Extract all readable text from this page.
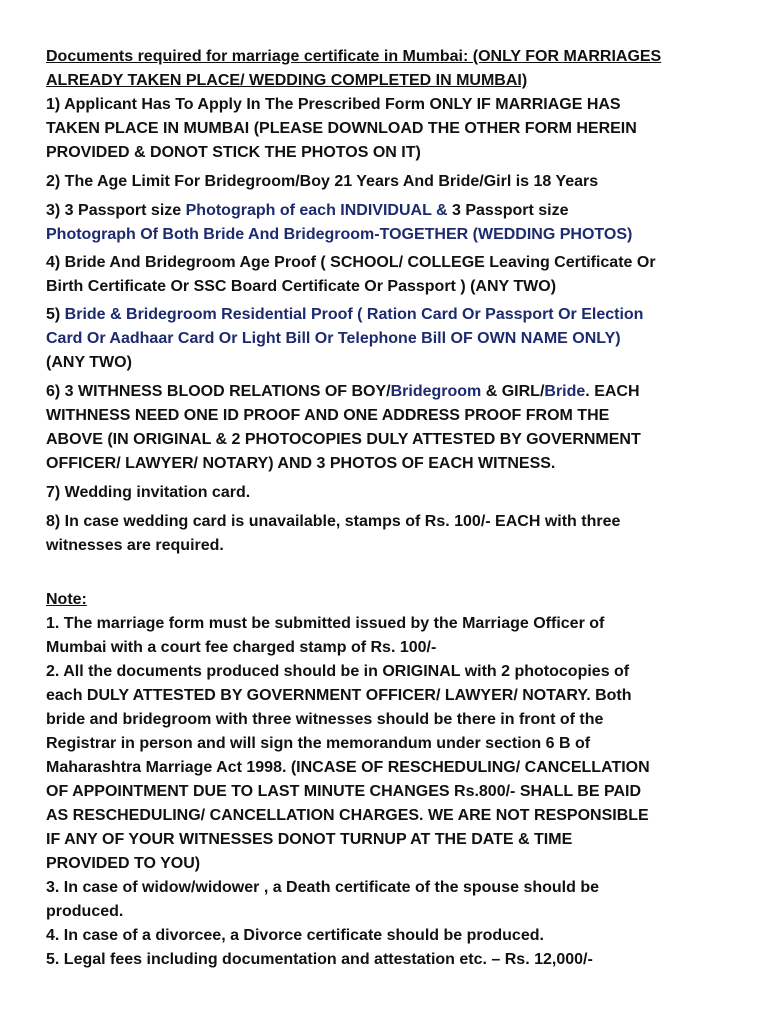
Documents required for marriage certificate in Mumbai: (ONLY FOR MARRIAGES
ALREADY TAKEN PLACE/ WEDDING COMPLETED IN MUMBAI)
1) Applicant Has To Apply In The Prescribed Form ONLY IF MARRIAGE HAS
TAKEN PLACE IN MUMBAI (PLEASE DOWNLOAD THE OTHER FORM HEREIN
PROVIDED & DONOT STICK THE PHOTOS ON IT)
2) The Age Limit For Bridegroom/Boy 21 Years And Bride/Girl is 18 Years
3) 3 Passport size Photograph of each INDIVIDUAL & 3 Passport size
Photograph Of Both Bride And Bridegroom-TOGETHER (WEDDING PHOTOS)
4) Bride And Bridegroom Age Proof ( SCHOOL/ COLLEGE Leaving Certificate Or
Birth Certificate Or SSC Board Certificate Or Passport ) (ANY TWO)
5) Bride & Bridegroom Residential Proof ( Ration Card Or Passport Or Election
Card Or Aadhaar Card Or Light Bill Or Telephone Bill OF OWN NAME ONLY)
(ANY TWO)
6) 3 WITHNESS BLOOD RELATIONS OF BOY/Bridegroom & GIRL/Bride. EACH
WITHNESS NEED ONE ID PROOF AND ONE ADDRESS PROOF FROM THE
ABOVE (IN ORIGINAL & 2 PHOTOCOPIES DULY ATTESTED BY GOVERNMENT
OFFICER/ LAWYER/ NOTARY) AND 3 PHOTOS OF EACH WITNESS.
7) Wedding invitation card.
8) In case wedding card is unavailable, stamps of Rs. 100/- EACH with three
witnesses are required.
Note:
1. The marriage form must be submitted issued by the Marriage Officer of
Mumbai with a court fee charged stamp of Rs. 100/-
2. All the documents produced should be in ORIGINAL with 2 photocopies of
each DULY ATTESTED BY GOVERNMENT OFFICER/ LAWYER/ NOTARY. Both
bride and bridegroom with three witnesses should be there in front of the
Registrar in person and will sign the memorandum under section 6 B of
Maharashtra Marriage Act 1998. (INCASE OF RESCHEDULING/ CANCELLATION
OF APPOINTMENT DUE TO LAST MINUTE CHANGES Rs.800/- SHALL BE PAID
AS RESCHEDULING/ CANCELLATION CHARGES. WE ARE NOT RESPONSIBLE
IF ANY OF YOUR WITNESSES DONOT TURNUP AT THE DATE & TIME
PROVIDED TO YOU)
3. In case of widow/widower , a Death certificate of the spouse should be
produced.
4. In case of a divorcee, a Divorce certificate should be produced.
5. Legal fees including documentation and attestation etc. – Rs. 12,000/-
